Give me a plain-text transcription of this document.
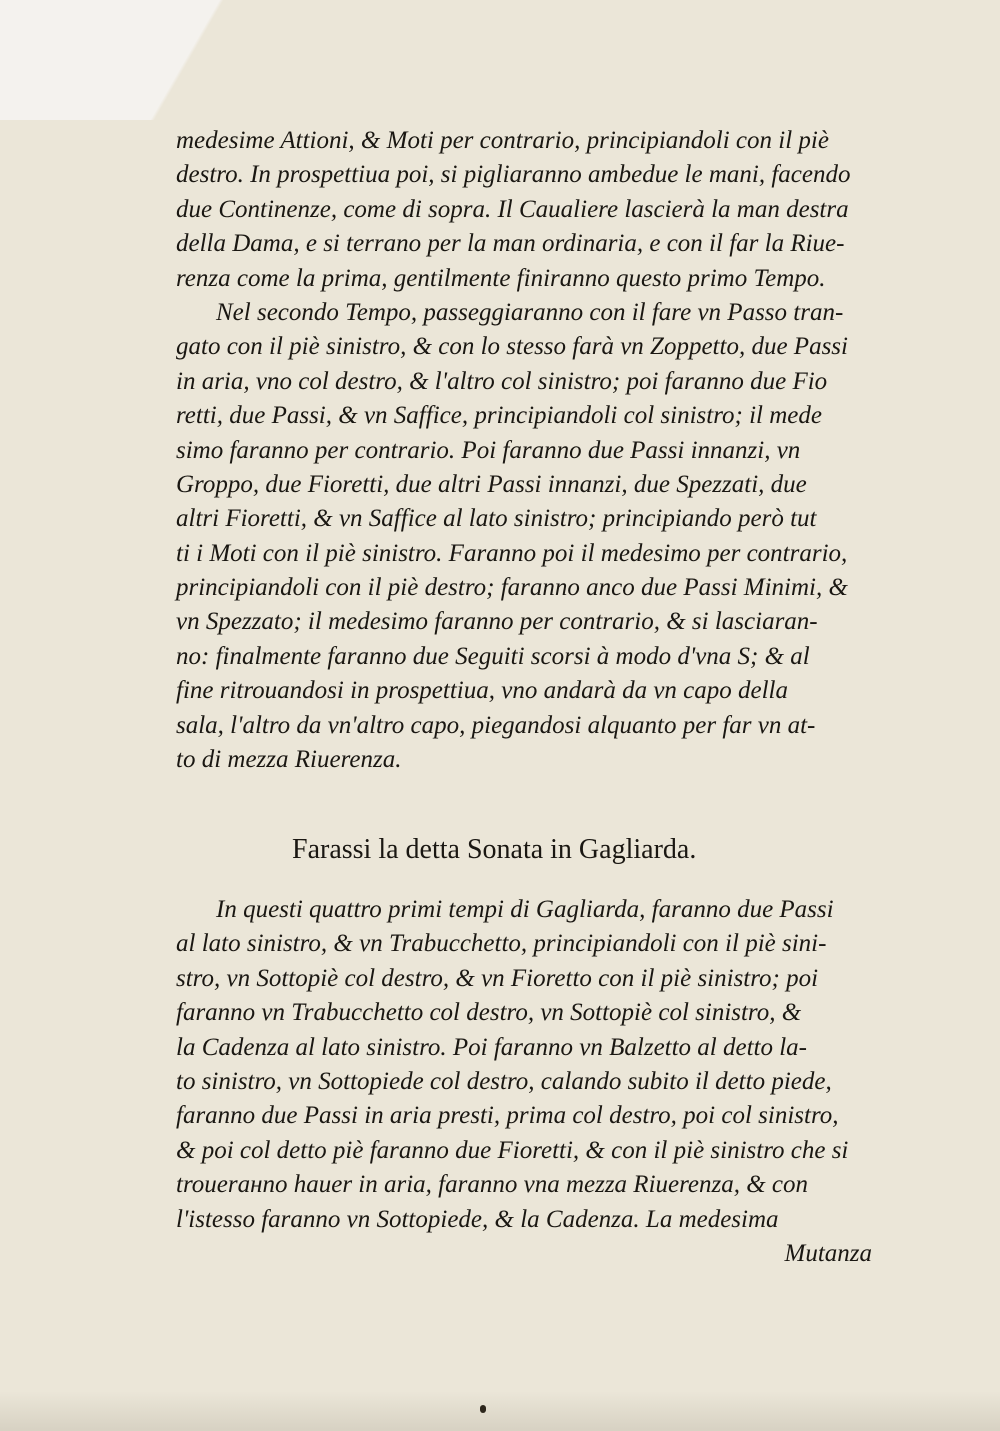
medesime Attioni, & Moti per contrario, principiandoli con il piè
destro. In prospettiua poi, si pigliaranno ambedue le mani, facendo
due Continenze, come di sopra. Il Caualiere lascierà la man destra
della Dama, e si terrano per la man ordinaria, e con il far la Riue-
renza come la prima, gentilmente finiranno questo primo Tempo.
Nel secondo Tempo, passeggiaranno con il fare vn Passo tran-
gato con il piè sinistro, & con lo stesso farà vn Zoppetto, due Passi
in aria, vno col destro, & l'altro col sinistro; poi faranno due Fio
retti, due Passi, & vn Saffice, principiandoli col sinistro; il mede
simo faranno per contrario. Poi faranno due Passi innanzi, vn
Groppo, due Fioretti, due altri Passi innanzi, due Spezzati, due
altri Fioretti, & vn Saffice al lato sinistro; principiando però tut
ti i Moti con il piè sinistro. Faranno poi il medesimo per contrario,
principiandoli con il piè destro; faranno anco due Passi Minimi, &
vn Spezzato; il medesimo faranno per contrario, & si lasciaran-
no: finalmente faranno due Seguiti scorsi à modo d'vna S; & al
fine ritrouandosi in prospettiua, vno andarà da vn capo della
sala, l'altro da vn'altro capo, piegandosi alquanto per far vn at-
to di mezza Riuerenza.
Farassi la detta Sonata in Gagliarda.
In questi quattro primi tempi di Gagliarda, faranno due Passi
al lato sinistro, & vn Trabucchetto, principiandoli con il piè sini-
stro, vn Sottopiè col destro, & vn Fioretto con il piè sinistro; poi
faranno vn Trabucchetto col destro, vn Sottopiè col sinistro, &
la Cadenza al lato sinistro. Poi faranno vn Balzetto al detto la-
to sinistro, vn Sottopiede col destro, calando subito il detto piede,
faranno due Passi in aria presti, prima col destro, poi col sinistro,
& poi col detto piè faranno due Fioretti, & con il piè sinistro che si
trouerанno hauer in aria, faranno vna mezza Riuerenza, & con
l'istesso faranno vn Sottopiede, & la Cadenza. La medesima
Mutanza
